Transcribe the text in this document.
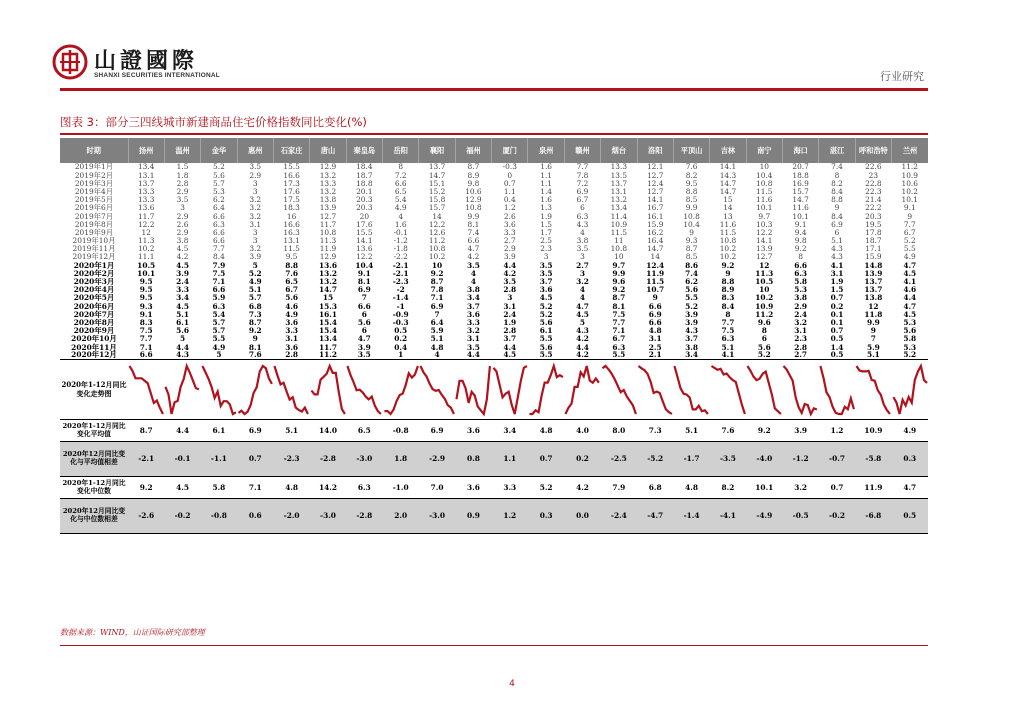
山證國際
SHANXI SECURITIES INTERNATIONAL	行业研究
图表 3：部分三四线城市新建商品住宅价格指数同比变化(%)
时期	扬州	温州	金华	惠州	石家庄	唐山	秦皇岛	岳阳	襄阳	福州	厦门	泉州	赣州	烟台	洛阳	平顶山	吉林	南宁	海口	湛江	呼和浩特	兰州
2019年1月	13.4	1.5	5.2	3.5	15.5	12.9	18.4	8	13.7	8.7	-0.3	1.6	7.7	13.3	12.1	7.6	14.1	10	20.7	7.4	22.6	11.2
2019年2月	13.1	1.8	5.6	2.9	16.6	13.2	18.7	7.2	14.7	8.9	0	1.1	7.8	13.5	12.7	8.2	14.3	10.4	18.8	8	23	10.9
2019年3月	13.7	2.8	5.7	3	17.3	13.3	18.8	6.6	15.1	9.8	0.7	1.1	7.2	13.7	12.4	9.5	14.7	10.8	16.9	8.2	22.8	10.6
2019年4月	13.3	2.9	5.3	3	17.6	13.2	20.1	6.5	15.2	10.6	1.1	1.4	6.9	13.1	12.7	8.8	14.7	11.5	15.7	8.4	22.3	10.2
2019年5月	13.3	3.5	6.2	3.2	17.5	13.8	20.3	5.4	15.8	12.9	0.4	1.6	6.7	13.2	14.1	8.5	15	11.6	14.7	8.8	21.4	10.1
2019年6月	13.6	3	6.4	3.2	18.3	13.9	20.3	4.9	15.7	10.8	1.2	1.3	6	13.4	16.7	9.9	14	10.1	11.6	9	22.2	9.1
2019年7月	11.7	2.9	6.6	3.2	16	12.7	20	4	14	9.9	2.6	1.9	6.3	11.4	16.1	10.8	13	9.7	10.1	8.4	20.3	9
2019年8月	12.2	2.6	6.3	3.1	16.6	11.7	17.6	1.6	12.2	8.1	3.6	1.5	4.3	10.9	15.9	10.4	11.6	10.3	9.1	6.9	19.5	7.7
2019年9月	12	2.9	6.6	3	16.3	10.8	15.5	-0.1	12.6	7.4	3.3	1.7	4	11.5	16.2	9	11.5	12.2	9.4	6	17.8	6.7
2019年10月	11.3	3.8	6.6	3	13.1	11.3	14.1	-1.2	11.2	6.6	2.7	2.5	3.8	11	16.4	9.3	10.8	14.1	9.8	5.1	18.7	5.2
2019年11月	10.2	4.5	7.7	3.2	11.5	11.9	13.6	-1.8	10.8	4.7	2.9	2.3	3.5	10.8	14.7	8.7	10.2	13.9	9.2	4.3	17.1	5.5
2019年12月	11.1	4.2	8.4	3.9	9.5	12.9	12.2	-2.2	10.2	4.2	3.9	3	3	10	14	8.5	10.2	12.7	8	4.3	15.9	4.9
2020年1月	10.5	4.5	7.9	5	8.8	13.6	10.4	-2.1	10	3.5	4.4	3.5	2.7	9.7	12.4	8.6	9.2	12	6.6	4.1	14.8	4.7
2020年2月	10.1	3.9	7.5	5.2	7.6	13.2	9.1	-2.1	9.2	4	4.2	3.5	3	9.9	11.9	7.4	9	11.3	6.3	3.1	13.9	4.5
2020年3月	9.5	2.4	7.1	4.9	6.5	13.2	8.1	-2.3	8.7	4	3.5	3.7	3.2	9.6	11.5	6.2	8.8	10.5	5.8	1.9	13.7	4.1
2020年4月	9.5	3.3	6.6	5.1	6.7	14.7	6.9	-2	7.8	3.8	2.8	3.6	4	9.2	10.7	5.6	8.9	10	5.3	1.5	13.7	4.6
2020年5月	9.5	3.4	5.9	5.7	5.6	15	7	-1.4	7.1	3.4	3	4.5	4	8.7	9	5.5	8.3	10.2	3.8	0.7	13.8	4.4
2020年6月	9.3	4.5	6.3	6.8	4.6	15.3	6.6	-1	6.9	3.7	3.1	5.2	4.7	8.1	6.6	5.2	8.4	10.9	2.9	0.2	12	4.7
2020年7月	9.1	5.1	5.4	7.3	4.9	16.1	6	-0.9	7	3.6	2.4	5.2	4.5	7.5	6.9	3.9	8	11.2	2.4	0.1	11.8	4.5
2020年8月	8.3	6.1	5.7	8.7	3.6	15.4	5.6	-0.3	6.4	3.3	1.9	5.6	5	7.7	6.6	3.9	7.7	9.6	3.2	0.1	9.9	5.3
2020年9月	7.5	5.6	5.7	9.2	3.3	15.4	6	0.5	5.9	3.2	2.8	6.1	4.3	7.1	4.8	4.3	7.5	8	3.1	0.7	9	5.6
2020年10月	7.7	5	5.5	9	3.1	13.4	4.7	0.2	5.1	3.1	3.7	5.5	4.2	6.7	3.1	3.7	6.3	6	2.3	0.5	7	5.8
2020年11月	7.1	4.4	4.9	8.1	3.6	11.7	3.9	0.4	4.8	3.5	4.4	5.6	4.4	6.3	2.5	3.8	5.1	5.6	2.8	1.4	5.9	5.3
2020年12月	6.6	4.3	5	7.6	2.8	11.2	3.5	1	4	4.4	4.5	5.5	4.2	5.5	2.1	3.4	4.1	5.2	2.7	0.5	5.1	5.2
2020年1-12月同比变化走势图	

2020年1-12月同比变化平均值	8.7	4.4	6.1	6.9	5.1	14.0	6.5	-0.8	6.9	3.6	3.4	4.8	4.0	8.0	7.3	5.1	7.6	9.2	3.9	1.2	10.9	4.9
2020年12月同比变化与平均值相差	-2.1	-0.1	-1.1	0.7	-2.3	-2.8	-3.0	1.8	-2.9	0.8	1.1	0.7	0.2	-2.5	-5.2	-1.7	-3.5	-4.0	-1.2	-0.7	-5.8	0.3
2020年1-12月同比变化中位数	9.2	4.5	5.8	7.1	4.8	14.2	6.3	-1.0	7.0	3.6	3.3	5.2	4.2	7.9	6.8	4.8	8.2	10.1	3.2	0.7	11.9	4.7
2020年12月同比变化与中位数相差	-2.6	-0.2	-0.8	0.6	-2.0	-3.0	-2.8	2.0	-3.0	0.9	1.2	0.3	0.0	-2.4	-4.7	-1.4	-4.1	-4.9	-0.5	-0.2	-6.8	0.5
数据来源：WIND，山证国际研究部整理
4
